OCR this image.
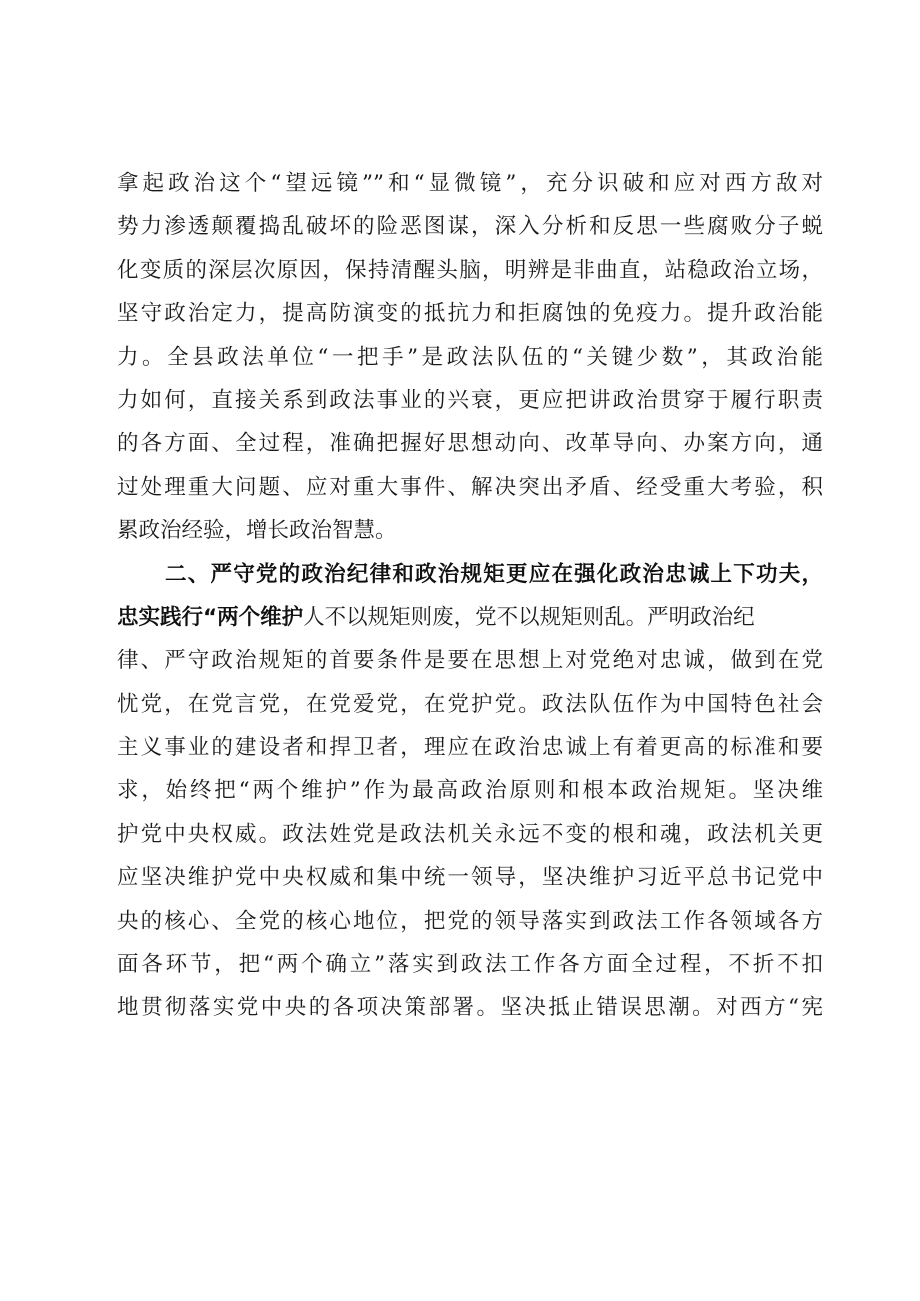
拿起政治这个“望远镜””和“显微镜”，充分识破和应对西方敌对
势力渗透颠覆捣乱破坏的险恶图谋，深入分析和反思一些腐败分子蜕
化变质的深层次原因，保持清醒头脑，明辨是非曲直，站稳政治立场，
坚守政治定力，提高防演变的抵抗力和拒腐蚀的免疫力。提升政治能
力。全县政法单位“一把手”是政法队伍的“关键少数”，其政治能
力如何，直接关系到政法事业的兴衰，更应把讲政治贯穿于履行职责
的各方面、全过程，准确把握好思想动向、改革导向、办案方向，通
过处理重大问题、应对重大事件、解决突出矛盾、经受重大考验，积
累政治经验，增长政治智慧。
二、严守党的政治纪律和政治规矩更应在强化政治忠诚上下功夫，
忠实践行“两个维护人不以规矩则废，党不以规矩则乱。严明政治纪
律、严守政治规矩的首要条件是要在思想上对党绝对忠诚，做到在党
忧党，在党言党，在党爱党，在党护党。政法队伍作为中国特色社会
主义事业的建设者和捍卫者，理应在政治忠诚上有着更高的标准和要
求，始终把“两个维护”作为最高政治原则和根本政治规矩。坚决维
护党中央权威。政法姓党是政法机关永远不变的根和魂，政法机关更
应坚决维护党中央权威和集中统一领导，坚决维护习近平总书记党中
央的核心、全党的核心地位，把党的领导落实到政法工作各领域各方
面各环节，把“两个确立”落实到政法工作各方面全过程，不折不扣
地贯彻落实党中央的各项决策部署。坚决抵止错误思潮。对西方“宪
